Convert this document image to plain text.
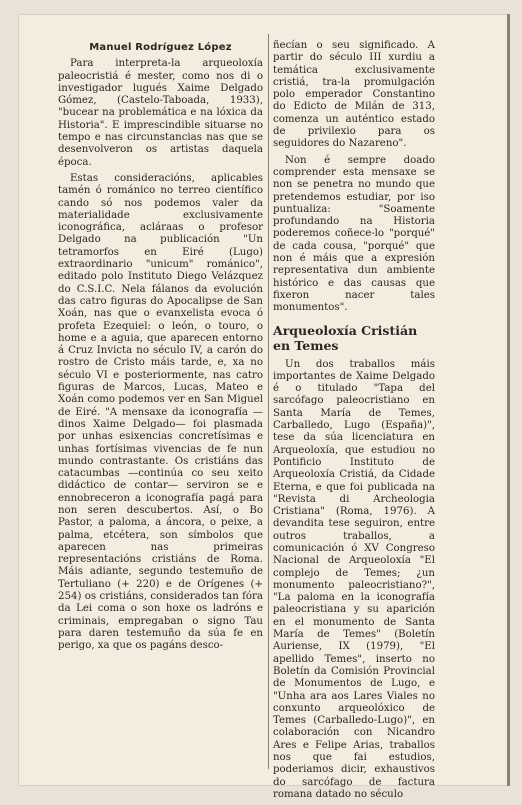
Manuel Rodríguez López

Para interpreta-la arqueoloxía paleocristiá é mester, como nos di o investigador lugués Xaime Delgado Gómez, (Castelo-Taboada, 1933), "bucear na problemática e na lóxica da Historia". E imprescindible situarse no tempo e nas circunstancias nas que se desenvolveron os artistas daquela época.

Estas consideracións, aplicables tamén ó románico no terreo científico cando só nos podemos valer da materialidade exclusivamente iconográfica, acláraas o profesor Delgado na publicación "Un tetramorfos en Eiré (Lugo) extraordinario "unicum" románico", editado polo Instituto Diego Velázquez do C.S.I.C. Nela fálanos da evolución das catro figuras do Apocalipse de San Xoán, nas que o evanxelista evoca ó profeta Ezequiel: o león, o touro, o home e a aguia, que aparecen entorno á Cruz Invicta no século IV, a carón do rostro de Cristo máis tarde, e, xa no século VI e posteriormente, nas catro figuras de Marcos, Lucas, Mateo e Xoán como podemos ver en San Miguel de Eiré. "A mensaxe da iconografía —dinos Xaime Delgado— foi plasmada por unhas esixencias concretísimas e unhas fortísimas vivencias de fe nun mundo contrastante. Os cristiáns das catacumbas —continúa co seu xeito didáctico de contar— serviron se e ennobreceron a iconografía pagá para non seren descubertos. Así, o Bo Pastor, a paloma, a áncora, o peixe, a palma, etcétera, son símbolos que aparecen nas primeiras representacións cristiáns de Roma. Máis adiante, segundo testemuño de Tertuliano (+ 220) e de Orígenes (+ 254) os cristiáns, considerados tan fóra da Lei coma o son hoxe os ladróns e criminais, empregaban o signo Tau para daren testemuño da súa fe en perigo, xa que os pagáns desco-

ñecían o seu significado. A partir do século III xurdiu a temática exclusivamente cristiá, tra-la promulgación polo emperador Constantino do Edicto de Milán de 313, comenza un auténtico estado de privilexio para os seguidores do Nazareno".

Non é sempre doado comprender esta mensaxe se non se penetra no mundo que pretendemos estudiar, por iso puntualiza: "Soamente profundando na Historia poderemos coñece-lo "porqué" de cada cousa, "porqué" que non é máis que a expresión representativa dun ambiente histórico e das causas que fixeron nacer tales monumentos".

Arqueoloxía Cristián en Temes

Un dos traballos máis importantes de Xaime Delgado é o titulado "Tapa del sarcófago paleocristiano en Santa María de Temes, Carballedo, Lugo (España)", tese da súa licenciatura en Arqueoloxía, que estudiou no Pontificio Instituto de Arqueoloxía Cristiá, da Cidade Eterna, e que foi publicada na "Revista di Archeologia Cristiana" (Roma, 1976). A devandita tese seguiron, entre outros traballos, a comunicación ó XV Congreso Nacional de Arqueoloxía "El complejo de Temes; ¿un monumento paleocristiano?", "La paloma en la iconografía paleocristiana y su aparición en el monumento de Santa María de Temes" (Boletín Auriense, IX (1979), "El apellido Temes", inserto no Boletín da Comisión Provincial de Monumentos de Lugo, e "Unha ara aos Lares Viales no conxunto arqueolóxico de Temes (Carballedo-Lugo)", en colaboración con Nicandro Ares e Felipe Arias, traballos nos que fai estudios, poderiamos dicir, exhaustivos do sarcófago de factura romana datado no século
